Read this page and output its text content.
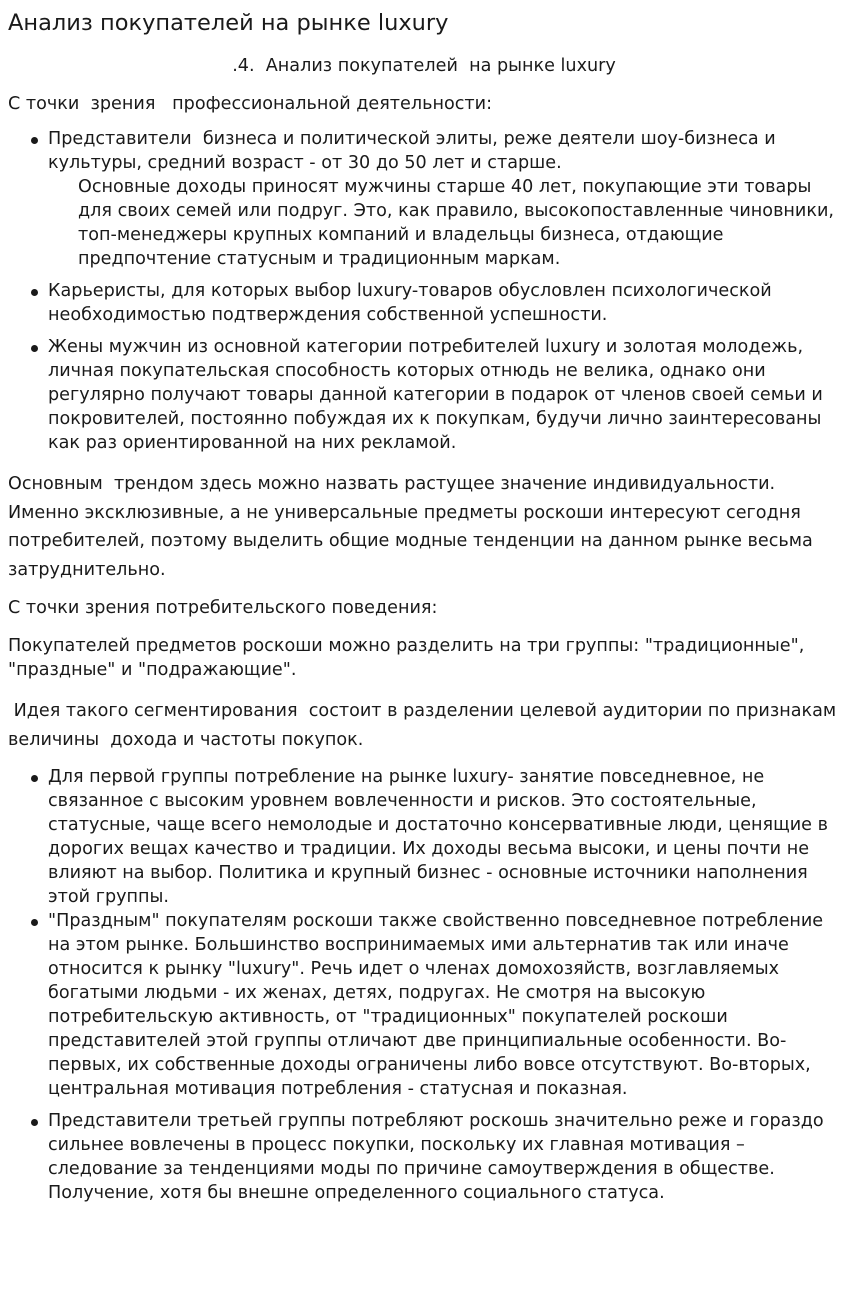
Анализ покупателей на рынке luxury
.4.  Анализ покупателей  на рынке luxury

С точки  зрения   профессиональной деятельности:

Представители  бизнеса и политической элиты, реже деятели шоу-бизнеса и культуры, средний возраст - от 30 до 50 лет и старше.
Основные доходы приносят мужчины старше 40 лет, покупающие эти товары для своих семей или подруг. Это, как правило, высокопоставленные чиновники, топ-менеджеры крупных компаний и владельцы бизнеса, отдающие предпочтение статусным и традиционным маркам.
Карьеристы, для которых выбор luxury-товаров обусловлен психологической необходимостью подтверждения собственной успешности.
Жены мужчин из основной категории потребителей luxury и золотая молодежь, личная покупательская способность которых отнюдь не велика, однако они регулярно получают товары данной категории в подарок от членов своей семьи и покровителей, постоянно побуждая их к покупкам, будучи лично заинтересованы как раз ориентированной на них рекламой.

Основным  трендом здесь можно назвать растущее значение индивидуальности. Именно эксклюзивные, а не универсальные предметы роскоши интересуют сегодня потребителей, поэтому выделить общие модные тенденции на данном рынке весьма затруднительно.

С точки зрения потребительского поведения:

Покупателей предметов роскоши можно разделить на три группы: "традиционные", "праздные" и "подражающие".

Идея такого сегментирования  состоит в разделении целевой аудитории по признакам величины  дохода и частоты покупок.

Для первой группы потребление на рынке luxury- занятие повседневное, не связанное с высоким уровнем вовлеченности и рисков. Это состоятельные, статусные, чаще всего немолодые и достаточно консервативные люди, ценящие в дорогих вещах качество и традиции. Их доходы весьма высоки, и цены почти не влияют на выбор. Политика и крупный бизнес - основные источники наполнения этой группы.
"Праздным" покупателям роскоши также свойственно повседневное потребление на этом рынке. Большинство воспринимаемых ими альтернатив так или иначе относится к рынку "luxury". Речь идет о членах домохозяйств, возглавляемых богатыми людьми - их женах, детях, подругах. Не смотря на высокую потребительскую активность, от "традиционных" покупателей роскоши представителей этой группы отличают две принципиальные особенности. Во-первых, их собственные доходы ограничены либо вовсе отсутствуют. Во-вторых, центральная мотивация потребления - статусная и показная.
Представители третьей группы потребляют роскошь значительно реже и гораздо сильнее вовлечены в процесс покупки, поскольку их главная мотивация – следование за тенденциями моды по причине самоутверждения в обществе. Получение, хотя бы внешне определенного социального статуса.
